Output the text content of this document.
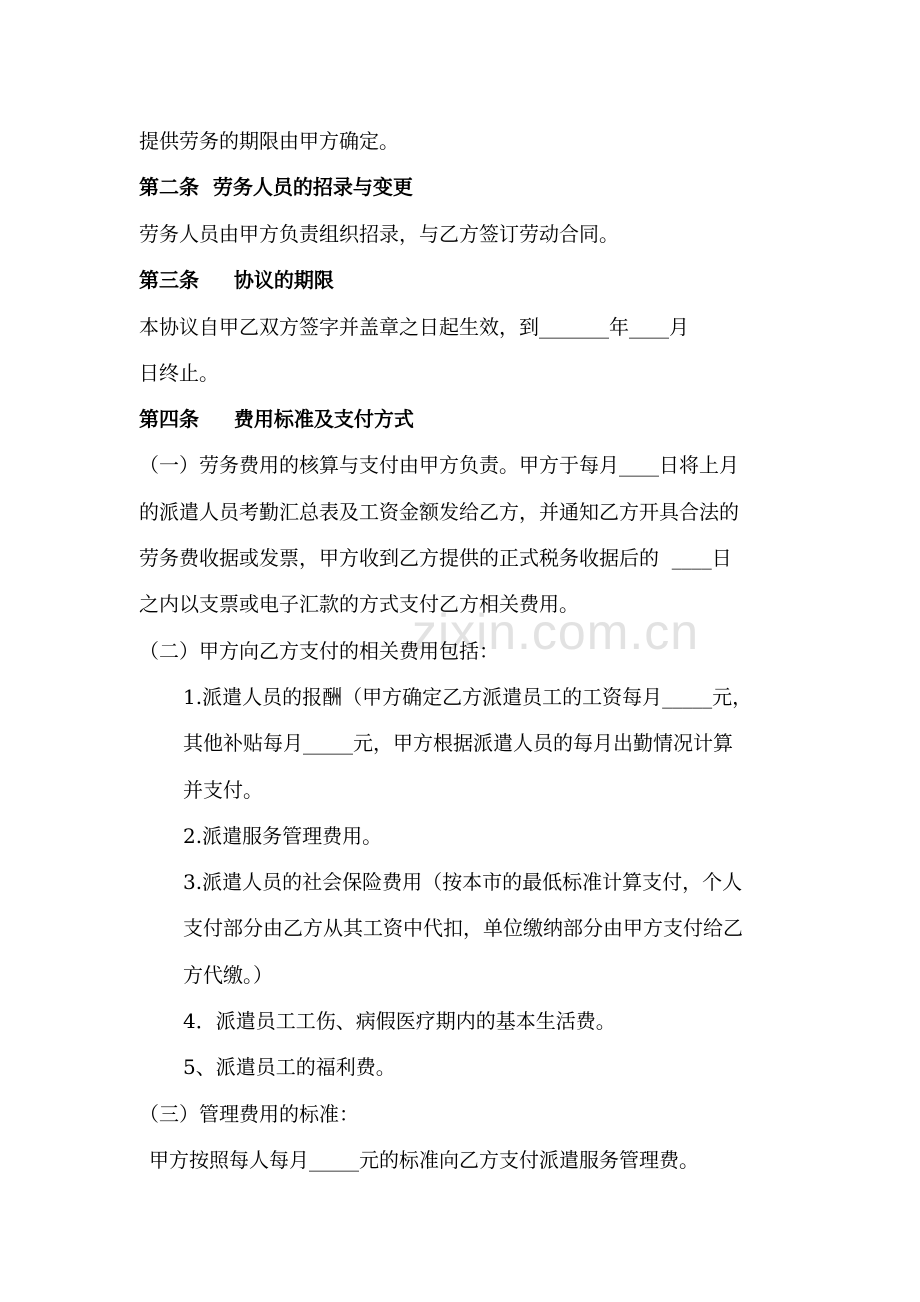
zixin.com.cn

提供劳务的期限由甲方确定。

第二条  劳务人员的招录与变更

劳务人员由甲方负责组织招录，与乙方签订劳动合同。

第三条     协议的期限

本协议自甲乙双方签字并盖章之日起生效，到_______年____月

日终止。

第四条     费用标准及支付方式

（一）劳务费用的核算与支付由甲方负责。甲方于每月____日将上月

的派遣人员考勤汇总表及工资金额发给乙方，并通知乙方开具合法的

劳务费收据或发票，甲方收到乙方提供的正式税务收据后的  ____日

之内以支票或电子汇款的方式支付乙方相关费用。

（二）甲方向乙方支付的相关费用包括：

1.派遣人员的报酬（甲方确定乙方派遣员工的工资每月_____元，

其他补贴每月_____元，甲方根据派遣人员的每月出勤情况计算

并支付。

2.派遣服务管理费用。

3.派遣人员的社会保险费用（按本市的最低标准计算支付，个人

支付部分由乙方从其工资中代扣，单位缴纳部分由甲方支付给乙

方代缴。）

4．派遣员工工伤、病假医疗期内的基本生活费。

5、派遣员工的福利费。

（三）管理费用的标准：

甲方按照每人每月_____元的标准向乙方支付派遣服务管理费。
